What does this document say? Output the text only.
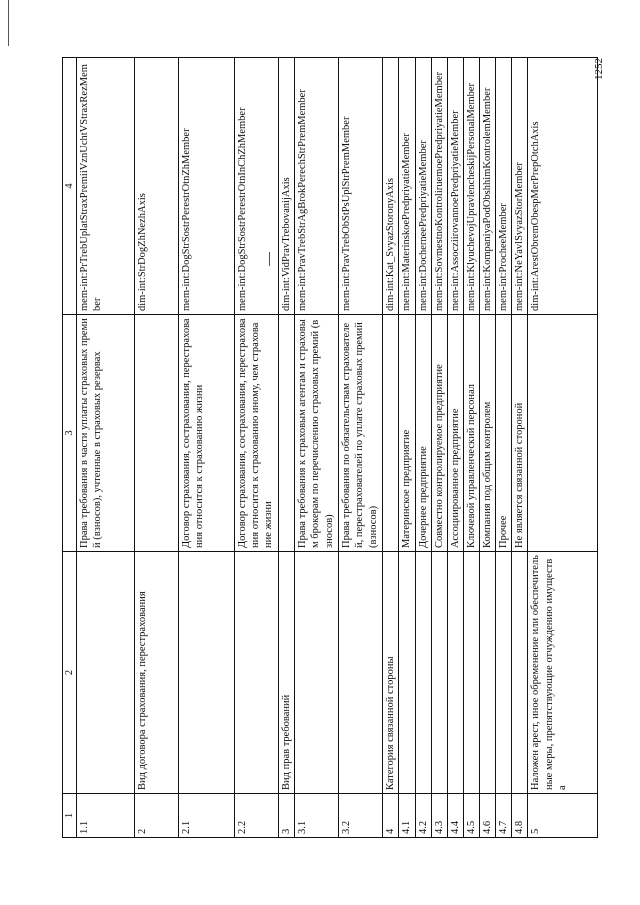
1	2	3	4
1.1		Права требования в части уплаты страховых премий (взносов), учтенные в страховых резервах	mem-int:PrTrebUplatStraxPremiiVznUchtVStraxRezMember
2	Вид договора страхования, перестрахования		dim-int:StrDogZhNezhAxis
2.1		Договор страхования, сострахования, перестрахования относится к страхованию жизни	mem-int:DogStrSostrPerestrOtnZhMember
2.2		Договор страхования, сострахования, перестрахования относится к страхованию иному, чем страхование жизни	mem-int:DogStrSostrPerestrOtnInChZhMember
3	Вид прав требований		dim-int:VidPravTrebovanijAxis
3.1		Права требования к страховым агентам и страховым брокерам по перечислению страховых премий (взносов)	mem-int:PravTrebStrAgBrokPerechStrPremMember
3.2		Права требования по обязательствам страхователей, перестрахователей по уплате страховых премий (взносов)	mem-int:PravTrebObStPsUplStrPremMember
4	Категория связанной стороны		dim-int:Kat_SvyazStoronyAxis
4.1		Материнское предприятие	mem-int:MaterinskoePredpriyatieMember
4.2		Дочернее предприятие	mem-int:DocherneePredpriyatieMember
4.3		Совместно контролируемое предприятие	mem-int:SovmestnoKontroliruemoePredpriyatieMember
4.4		Ассоциированное предприятие	mem-int:AssocziirovannoePredpriyatieMember
4.5		Ключевой управленческий персонал	mem-int:KlyuchevojUpravlencheskijPersonalMember
4.6		Компания под общим контролем	mem-int:KompaniyaPodObshhimKontrolemMember
4.7		Прочее	mem-int:ProcheeMember
4.8		Не является связанной стороной	mem-int:NeYavlSvyazStorMember
5	Наложен арест, иное обременение или обеспечительные меры, препятствующие отчуждению имущества		dim-int:ArestObremObespMerPrepOtchAxis
1252
